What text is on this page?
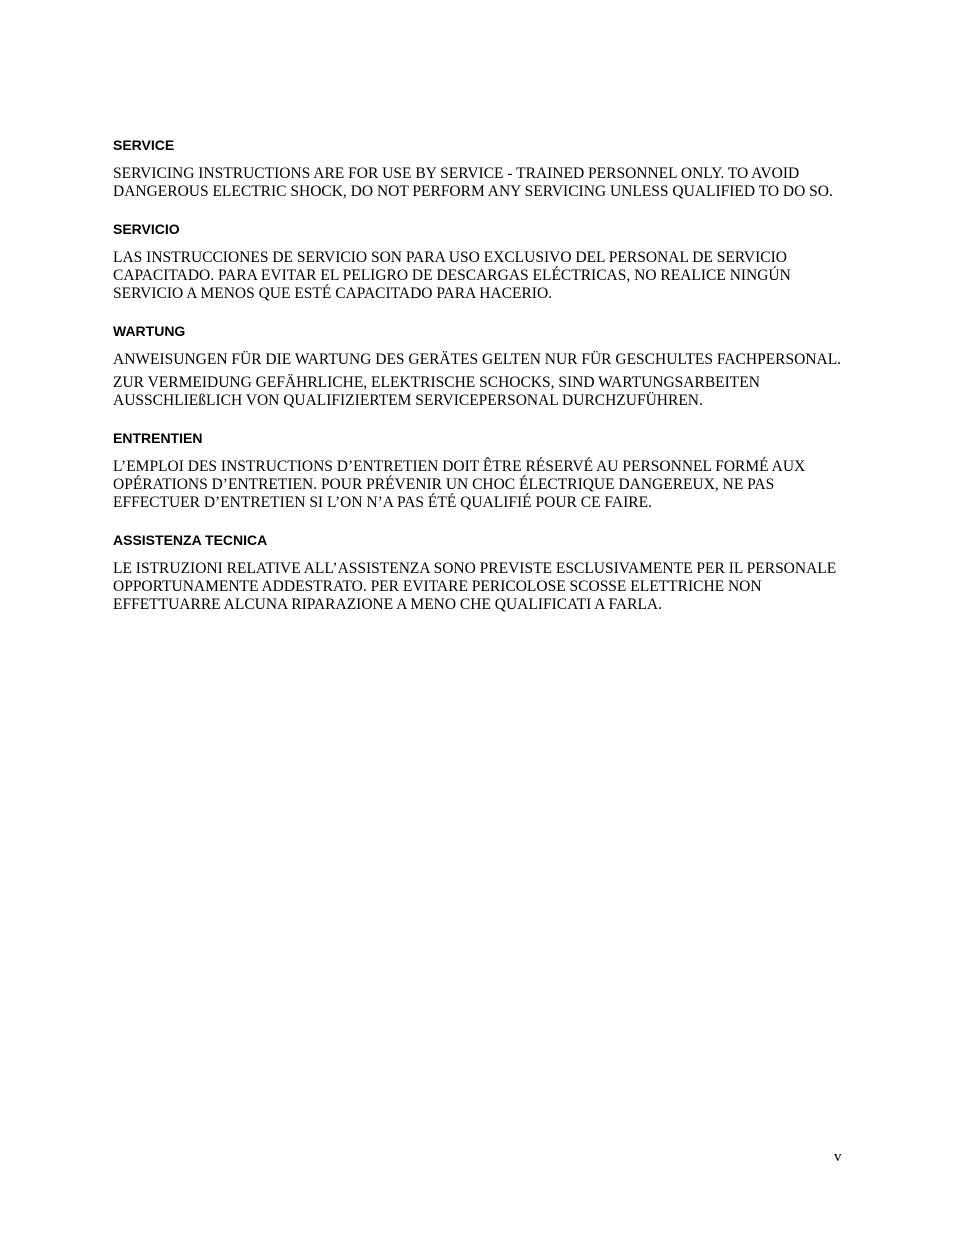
SERVICE

SERVICING INSTRUCTIONS ARE FOR USE BY SERVICE - TRAINED PERSONNEL ONLY. TO AVOID DANGEROUS ELECTRIC SHOCK, DO NOT PERFORM ANY SERVICING UNLESS QUALIFIED TO DO SO.

SERVICIO

LAS INSTRUCCIONES DE SERVICIO SON PARA USO EXCLUSIVO DEL PERSONAL DE SERVICIO CAPACITADO. PARA EVITAR EL PELIGRO DE DESCARGAS ELÉCTRICAS, NO REALICE NINGÚN SERVICIO A MENOS QUE ESTÉ CAPACITADO PARA HACERIO.

WARTUNG

ANWEISUNGEN FÜR DIE WARTUNG DES GERÄTES GELTEN NUR FÜR GESCHULTES FACHPERSONAL.

ZUR VERMEIDUNG GEFÄHRLICHE, ELEKTRISCHE SCHOCKS, SIND WARTUNGSARBEITEN AUSSCHLIEßLICH VON QUALIFIZIERTEM SERVICEPERSONAL DURCHZUFÜHREN.

ENTRENTIEN

L’EMPLOI DES INSTRUCTIONS D’ENTRETIEN DOIT ÊTRE RÉSERVÉ AU PERSONNEL FORMÉ AUX OPÉRATIONS D’ENTRETIEN. POUR PRÉVENIR UN CHOC ÉLECTRIQUE DANGEREUX, NE PAS EFFECTUER D’ENTRETIEN SI L’ON N’A PAS ÉTÉ QUALIFIÉ POUR CE FAIRE.

ASSISTENZA TECNICA

LE ISTRUZIONI RELATIVE ALL’ASSISTENZA SONO PREVISTE ESCLUSIVAMENTE PER IL PERSONALE OPPORTUNAMENTE ADDESTRATO. PER EVITARE PERICOLOSE SCOSSE ELETTRICHE NON EFFETTUARRE ALCUNA RIPARAZIONE A MENO CHE QUALIFICATI A FARLA.

v
